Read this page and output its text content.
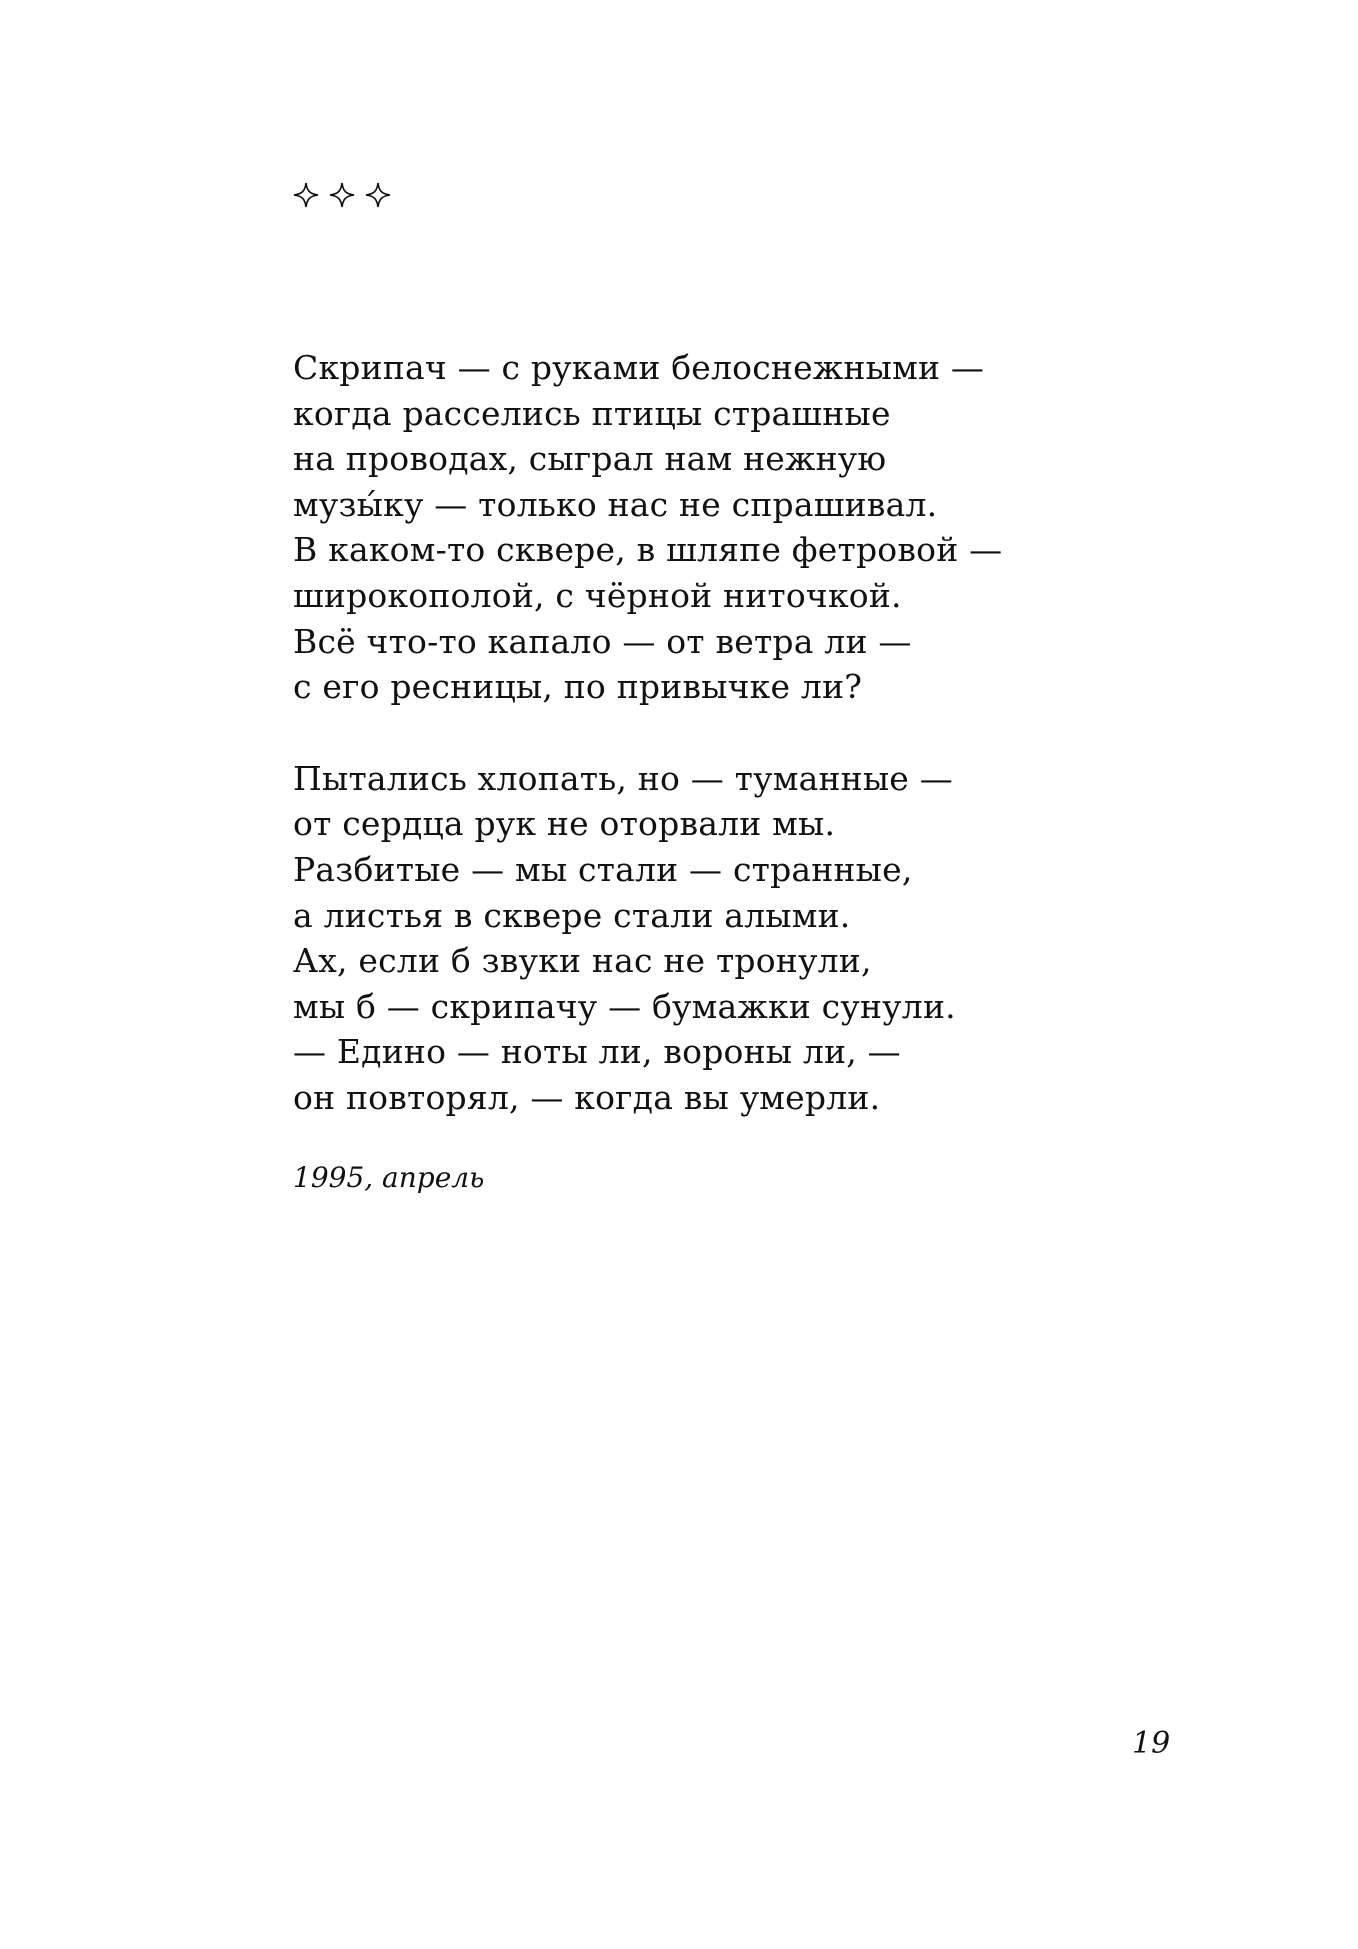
Скрипач — с руками белоснежными —
когда расселись птицы страшные
на проводах, сыграл нам нежную
музы́ку — только нас не спрашивал.
В каком-то сквере, в шляпе фетровой —
широкополой, с чёрной ниточкой.
Всё что-то капало — от ветра ли —
с его ресницы, по привычке ли?
Пытались хлопать, но — туманные —
от сердца рук не оторвали мы.
Разбитые — мы стали — странные,
а листья в сквере стали алыми.
Ах, если б звуки нас не тронули,
мы б — скрипачу — бумажки сунули.
— Едино — ноты ли, вороны ли, —
он повторял, — когда вы умерли.
1995, апрель
19
